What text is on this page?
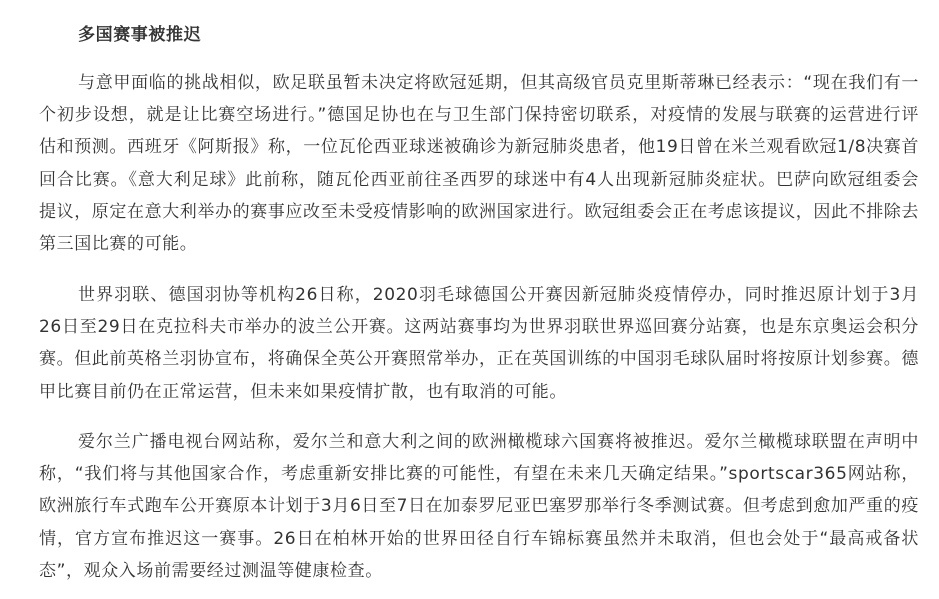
多国赛事被推迟

与意甲面临的挑战相似，欧足联虽暂未决定将欧冠延期，但其高级官员克里斯蒂琳已经表示：“现在我们有一个初步设想，就是让比赛空场进行。”德国足协也在与卫生部门保持密切联系，对疫情的发展与联赛的运营进行评估和预测。西班牙《阿斯报》称，一位瓦伦西亚球迷被确诊为新冠肺炎患者，他19日曾在米兰观看欧冠1/8决赛首回合比赛。《意大利足球》此前称，随瓦伦西亚前往圣西罗的球迷中有4人出现新冠肺炎症状。巴萨向欧冠组委会提议，原定在意大利举办的赛事应改至未受疫情影响的欧洲国家进行。欧冠组委会正在考虑该提议，因此不排除去第三国比赛的可能。

世界羽联、德国羽协等机构26日称，2020羽毛球德国公开赛因新冠肺炎疫情停办，同时推迟原计划于3月26日至29日在克拉科夫市举办的波兰公开赛。这两站赛事均为世界羽联世界巡回赛分站赛，也是东京奥运会积分赛。但此前英格兰羽协宣布，将确保全英公开赛照常举办，正在英国训练的中国羽毛球队届时将按原计划参赛。德甲比赛目前仍在正常运营，但未来如果疫情扩散，也有取消的可能。

爱尔兰广播电视台网站称，爱尔兰和意大利之间的欧洲橄榄球六国赛将被推迟。爱尔兰橄榄球联盟在声明中称，“我们将与其他国家合作，考虑重新安排比赛的可能性，有望在未来几天确定结果。”sportscar365网站称，欧洲旅行车式跑车公开赛原本计划于3月6日至7日在加泰罗尼亚巴塞罗那举行冬季测试赛。但考虑到愈加严重的疫情，官方宣布推迟这一赛事。26日在柏林开始的世界田径自行车锦标赛虽然并未取消，但也会处于“最高戒备状态”，观众入场前需要经过测温等健康检查。
